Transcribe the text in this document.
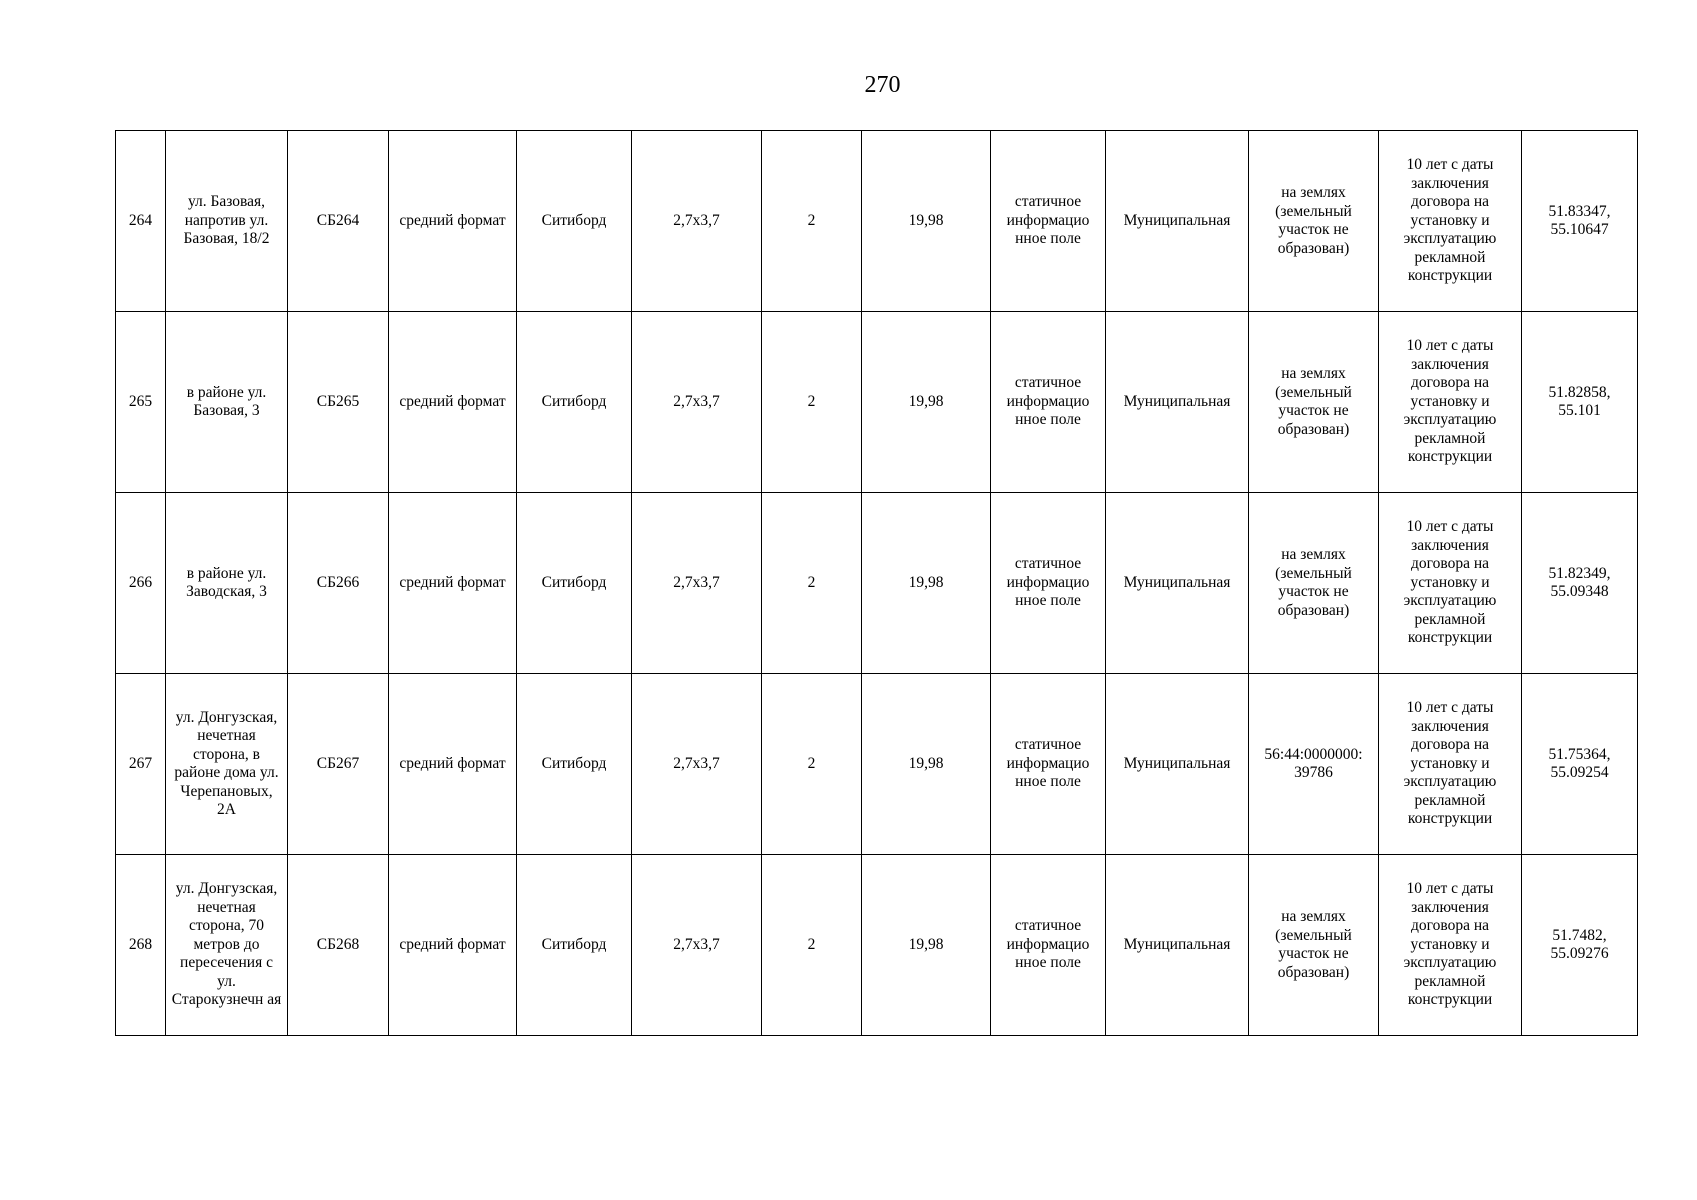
270
264	ул. Базовая, напротив ул. Базовая, 18/2	СБ264	средний формат	Ситиборд	2,7х3,7	2	19,98	статичное информацио нное поле	Муниципальная	на землях (земельный участок не образован)	10 лет с даты заключения договора на установку и эксплуатацию рекламной конструкции	51.83347, 55.10647
265	в районе ул. Базовая, 3	СБ265	средний формат	Ситиборд	2,7х3,7	2	19,98	статичное информацио нное поле	Муниципальная	на землях (земельный участок не образован)	10 лет с даты заключения договора на установку и эксплуатацию рекламной конструкции	51.82858, 55.101
266	в районе ул. Заводская, 3	СБ266	средний формат	Ситиборд	2,7х3,7	2	19,98	статичное информацио нное поле	Муниципальная	на землях (земельный участок не образован)	10 лет с даты заключения договора на установку и эксплуатацию рекламной конструкции	51.82349, 55.09348
267	ул. Донгузская, нечетная сторона, в районе дома ул. Черепановых, 2А	СБ267	средний формат	Ситиборд	2,7х3,7	2	19,98	статичное информацио нное поле	Муниципальная	56:44:0000000: 39786	10 лет с даты заключения договора на установку и эксплуатацию рекламной конструкции	51.75364, 55.09254
268	ул. Донгузская, нечетная сторона, 70 метров до пересечения с ул. Старокузнечн ая	СБ268	средний формат	Ситиборд	2,7х3,7	2	19,98	статичное информацио нное поле	Муниципальная	на землях (земельный участок не образован)	10 лет с даты заключения договора на установку и эксплуатацию рекламной конструкции	51.7482, 55.09276
